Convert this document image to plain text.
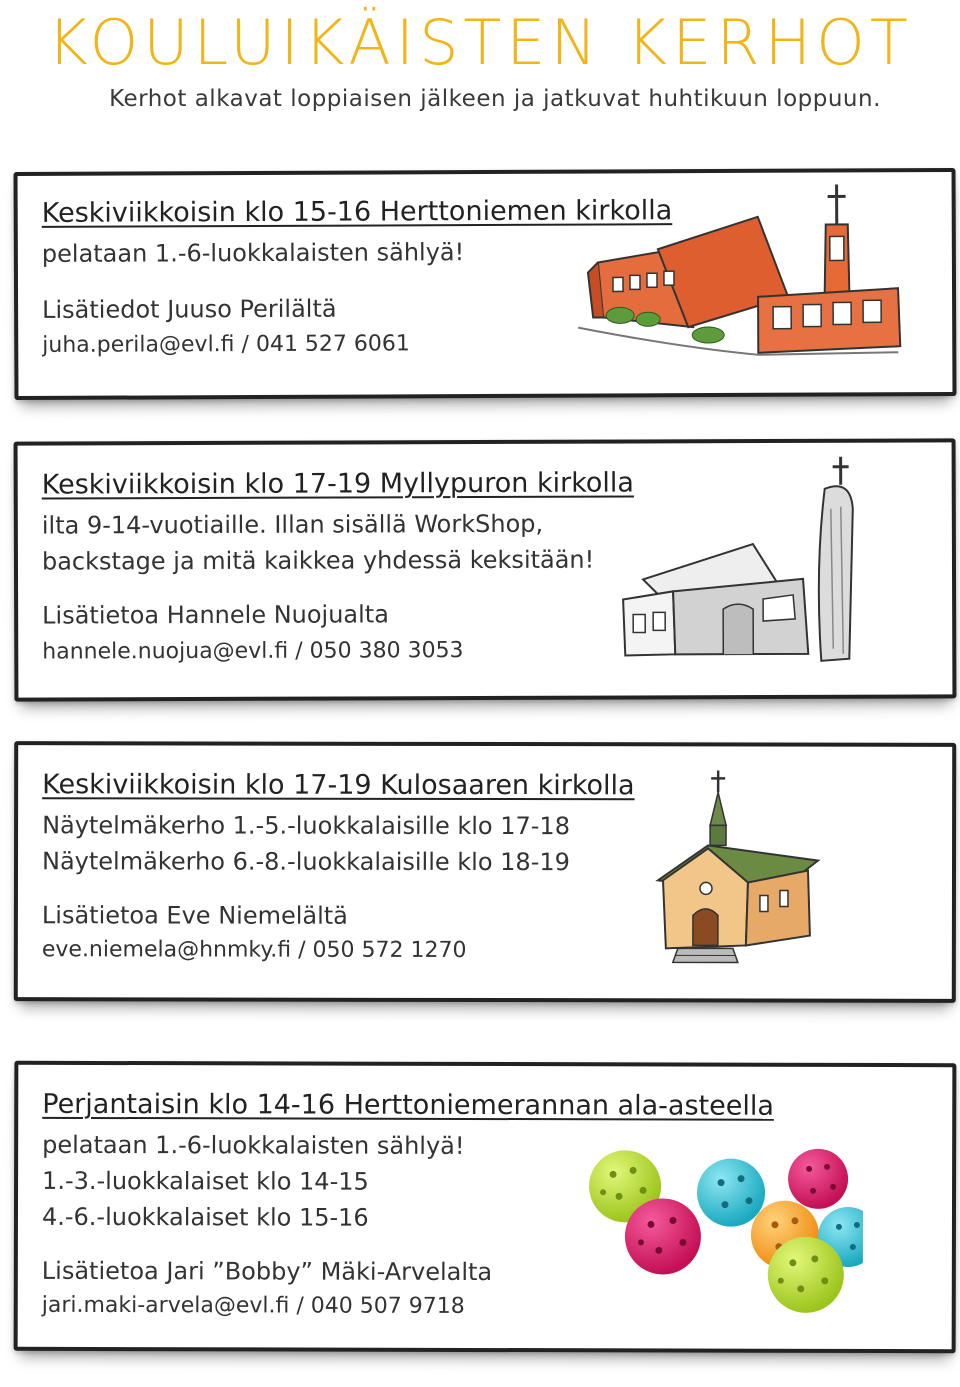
KOULUIKÄISTEN KERHOT

Kerhot alkavat loppiaisen jälkeen ja jatkuvat huhtikuun loppuun.

Keskiviikkoisin klo 15-16 Herttoniemen kirkolla

pelataan 1.-6-luokkalaisten sählyä!

Lisätiedot Juuso Perilältä

juha.perila@evl.fi / 041 527 6061

Keskiviikkoisin klo 17-19 Myllypuron kirkolla

ilta 9-14-vuotiaille. Illan sisällä WorkShop,

backstage ja mitä kaikkea yhdessä keksitään!

Lisätietoa Hannele Nuojualta

hannele.nuojua@evl.fi / 050 380 3053

Keskiviikkoisin klo 17-19 Kulosaaren kirkolla

Näytelmäkerho 1.-5.-luokkalaisille klo 17-18

Näytelmäkerho 6.-8.-luokkalaisille klo 18-19

Lisätietoa Eve Niemelältä

eve.niemela@hnmky.fi / 050 572 1270

Perjantaisin klo 14-16 Herttoniemerannan ala-asteella

pelataan 1.-6-luokkalaisten sählyä!

1.-3.-luokkalaiset klo 14-15

4.-6.-luokkalaiset klo 15-16

Lisätietoa Jari ”Bobby” Mäki-Arvelalta

jari.maki-arvela@evl.fi / 040 507 9718
